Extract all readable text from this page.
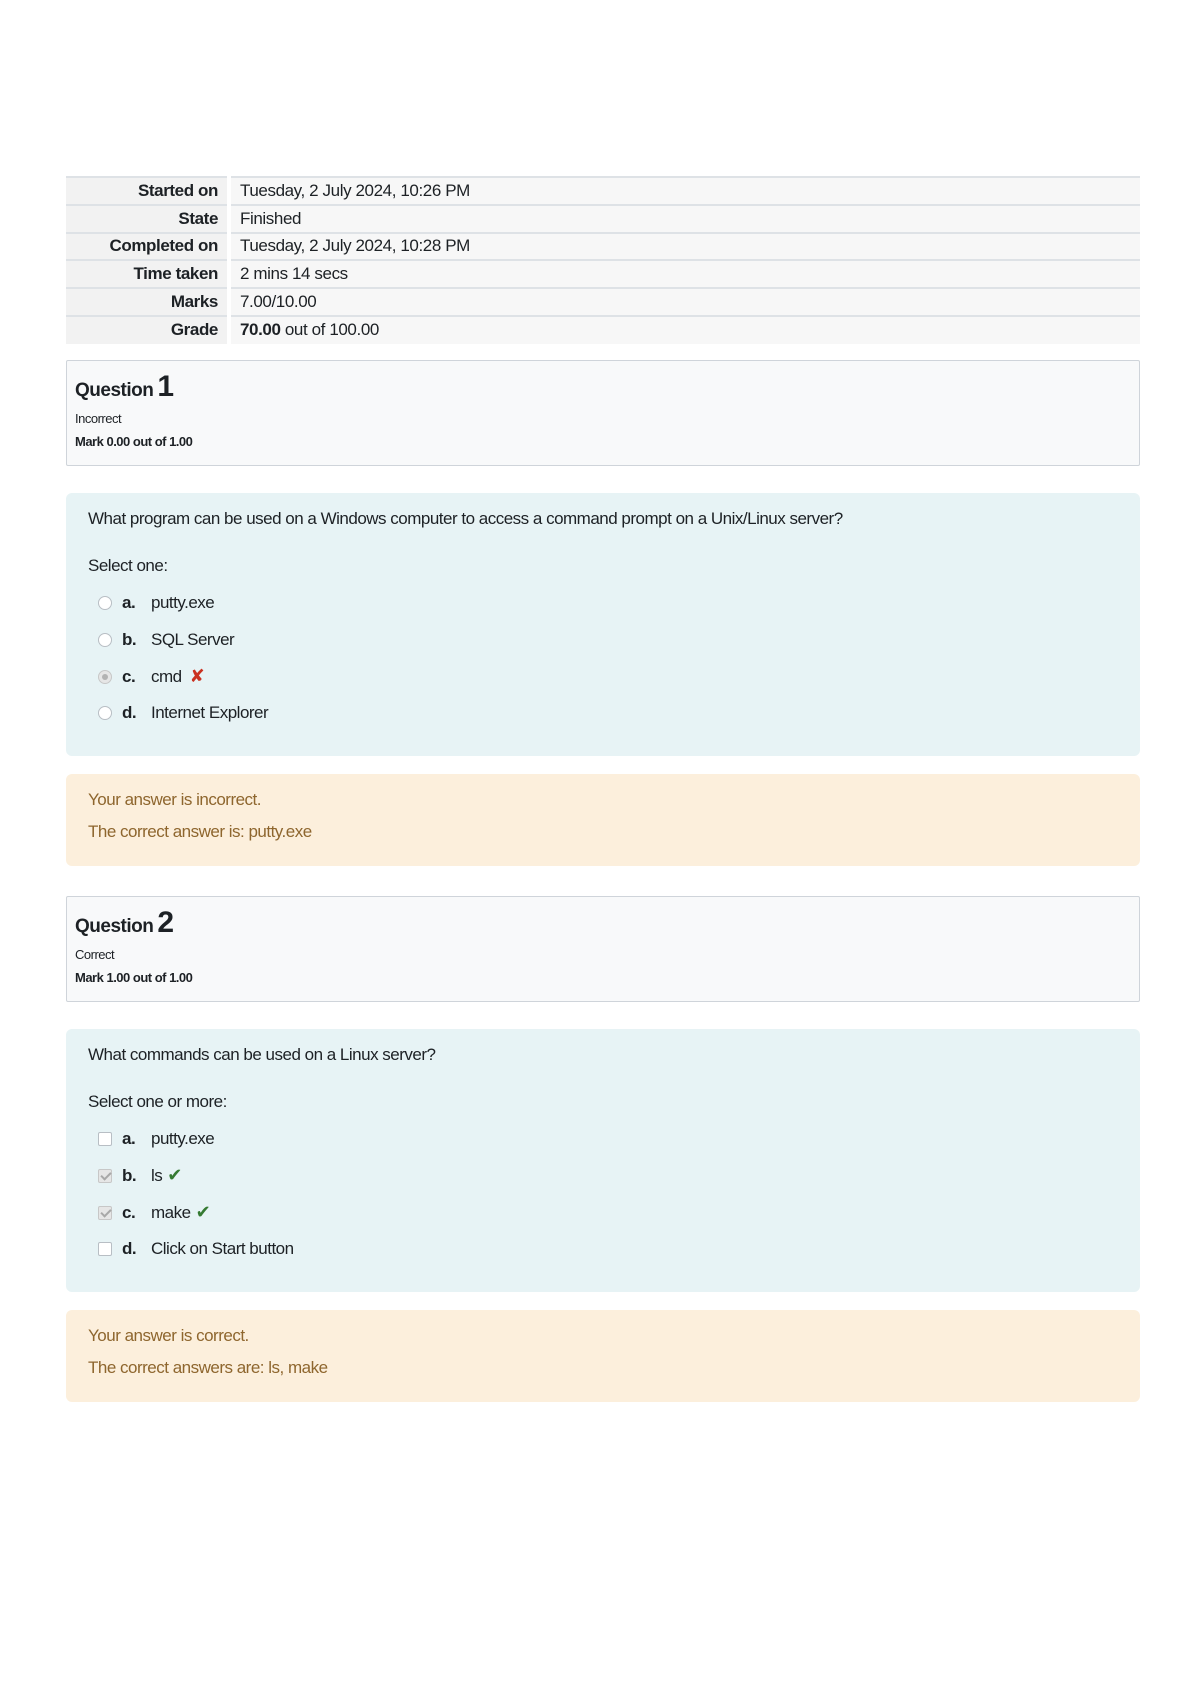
Started on	Tuesday, 2 July 2024, 10:26 PM
State	Finished
Completed on	Tuesday, 2 July 2024, 10:28 PM
Time taken	2 mins 14 secs
Marks	7.00/10.00
Grade	70.00 out of 100.00
Question 1
Incorrect
Mark 0.00 out of 1.00
What program can be used on a Windows computer to access a command prompt on a Unix/Linux server?
Select one:
a. putty.exe
b. SQL Server
c. cmd ✘
d. Internet Explorer
Your answer is incorrect.
The correct answer is: putty.exe
Question 2
Correct
Mark 1.00 out of 1.00
What commands can be used on a Linux server?
Select one or more:
a. putty.exe
b. ls ✔
c. make ✔
d. Click on Start button
Your answer is correct.
The correct answers are: ls, make
